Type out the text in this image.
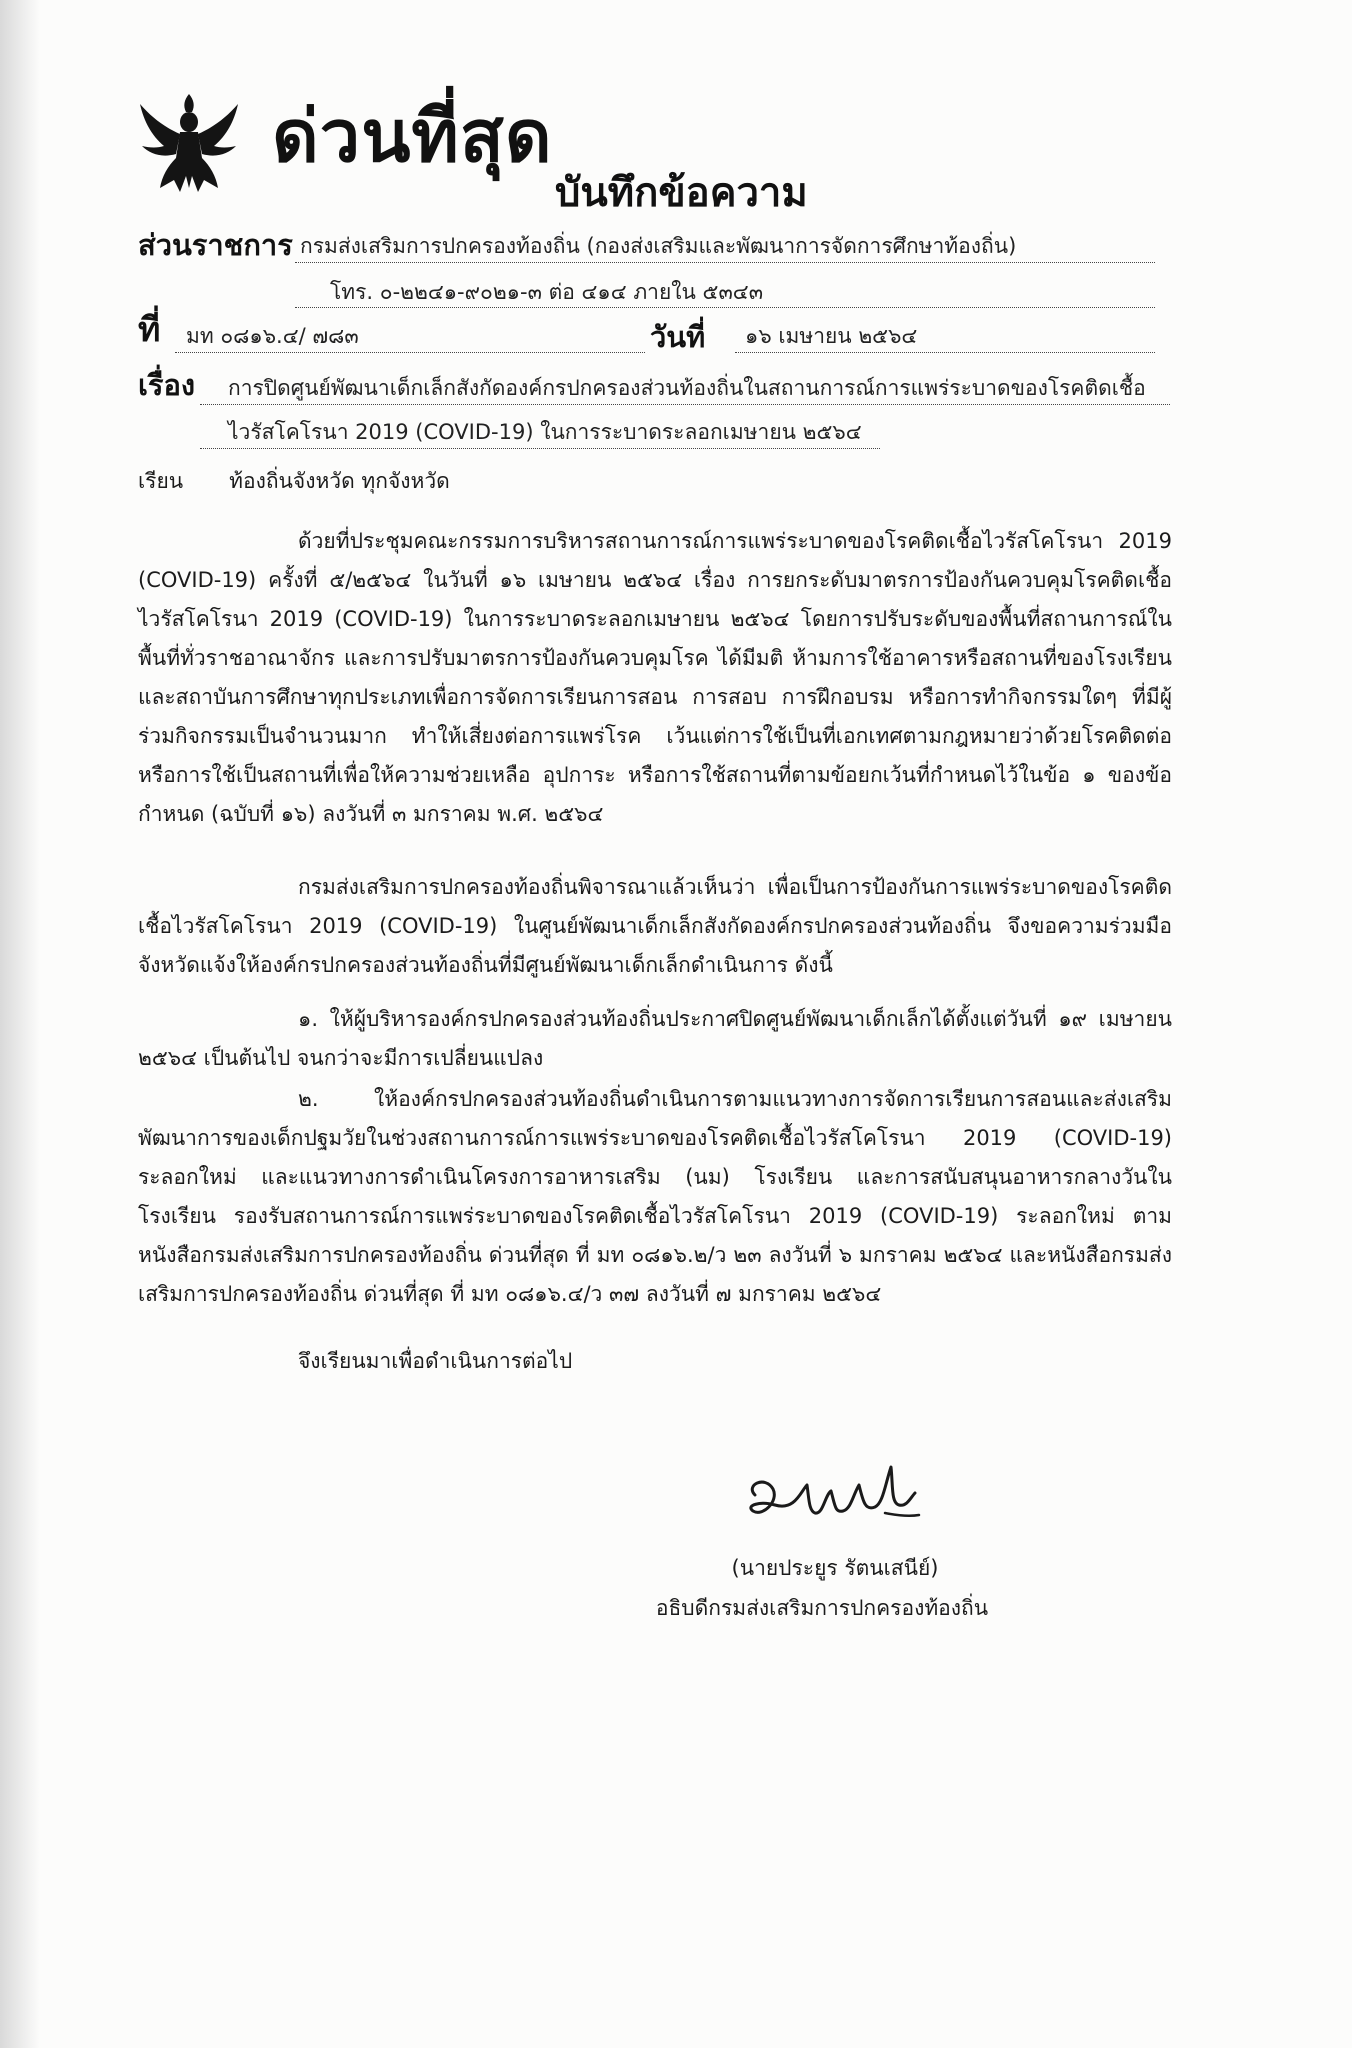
ด่วนที่สุด
บันทึกข้อความ
ส่วนราชการ กรมส่งเสริมการปกครองท้องถิ่น (กองส่งเสริมและพัฒนาการจัดการศึกษาท้องถิ่น)
โทร. ๐-๒๒๔๑-๙๐๒๑-๓ ต่อ ๔๑๔ ภายใน ๕๓๔๓
ที่ มท ๐๘๑๖.๔/ ๗๘๓	วันที่ ๑๖ เมษายน ๒๕๖๔
เรื่อง การปิดศูนย์พัฒนาเด็กเล็กสังกัดองค์กรปกครองส่วนท้องถิ่นในสถานการณ์การแพร่ระบาดของโรคติดเชื้อ
ไวรัสโคโรนา 2019 (COVID-19) ในการระบาดระลอกเมษายน ๒๕๖๔
เรียน ท้องถิ่นจังหวัด ทุกจังหวัด
ด้วยที่ประชุมคณะกรรมการบริหารสถานการณ์การแพร่ระบาดของโรคติดเชื้อไวรัสโคโรนา 2019 (COVID-19) ครั้งที่ ๕/๒๕๖๔ ในวันที่ ๑๖ เมษายน ๒๕๖๔ เรื่อง การยกระดับมาตรการป้องกันควบคุมโรคติดเชื้อไวรัสโคโรนา 2019 (COVID-19) ในการระบาดระลอกเมษายน ๒๕๖๔ โดยการปรับระดับของพื้นที่สถานการณ์ในพื้นที่ทั่วราชอาณาจักร และการปรับมาตรการป้องกันควบคุมโรค ได้มีมติ ห้ามการใช้อาคารหรือสถานที่ของโรงเรียนและสถาบันการศึกษาทุกประเภทเพื่อการจัดการเรียนการสอน การสอบ การฝึกอบรม หรือการทำกิจกรรมใดๆ ที่มีผู้ร่วมกิจกรรมเป็นจำนวนมาก ทำให้เสี่ยงต่อการแพร่โรค เว้นแต่การใช้เป็นที่เอกเทศตามกฎหมายว่าด้วยโรคติดต่อ หรือการใช้เป็นสถานที่เพื่อให้ความช่วยเหลือ อุปการะ หรือการใช้สถานที่ตามข้อยกเว้นที่กำหนดไว้ในข้อ ๑ ของข้อกำหนด (ฉบับที่ ๑๖) ลงวันที่ ๓ มกราคม พ.ศ. ๒๕๖๔
กรมส่งเสริมการปกครองท้องถิ่นพิจารณาแล้วเห็นว่า เพื่อเป็นการป้องกันการแพร่ระบาดของโรคติดเชื้อไวรัสโคโรนา 2019 (COVID-19) ในศูนย์พัฒนาเด็กเล็กสังกัดองค์กรปกครองส่วนท้องถิ่น จึงขอความร่วมมือจังหวัดแจ้งให้องค์กรปกครองส่วนท้องถิ่นที่มีศูนย์พัฒนาเด็กเล็กดำเนินการ ดังนี้
๑. ให้ผู้บริหารองค์กรปกครองส่วนท้องถิ่นประกาศปิดศูนย์พัฒนาเด็กเล็กได้ตั้งแต่วันที่ ๑๙ เมษายน ๒๕๖๔ เป็นต้นไป จนกว่าจะมีการเปลี่ยนแปลง
๒. ให้องค์กรปกครองส่วนท้องถิ่นดำเนินการตามแนวทางการจัดการเรียนการสอนและส่งเสริมพัฒนาการของเด็กปฐมวัยในช่วงสถานการณ์การแพร่ระบาดของโรคติดเชื้อไวรัสโคโรนา 2019 (COVID-19) ระลอกใหม่ และแนวทางการดำเนินโครงการอาหารเสริม (นม) โรงเรียน และการสนับสนุนอาหารกลางวันในโรงเรียน รองรับสถานการณ์การแพร่ระบาดของโรคติดเชื้อไวรัสโคโรนา 2019 (COVID-19) ระลอกใหม่ ตามหนังสือกรมส่งเสริมการปกครองท้องถิ่น ด่วนที่สุด ที่ มท ๐๘๑๖.๒/ว ๒๓ ลงวันที่ ๖ มกราคม ๒๕๖๔ และหนังสือกรมส่งเสริมการปกครองท้องถิ่น ด่วนที่สุด ที่ มท ๐๘๑๖.๔/ว ๓๗ ลงวันที่ ๗ มกราคม ๒๕๖๔
จึงเรียนมาเพื่อดำเนินการต่อไป
(นายประยูร รัตนเสนีย์)
อธิบดีกรมส่งเสริมการปกครองท้องถิ่น
